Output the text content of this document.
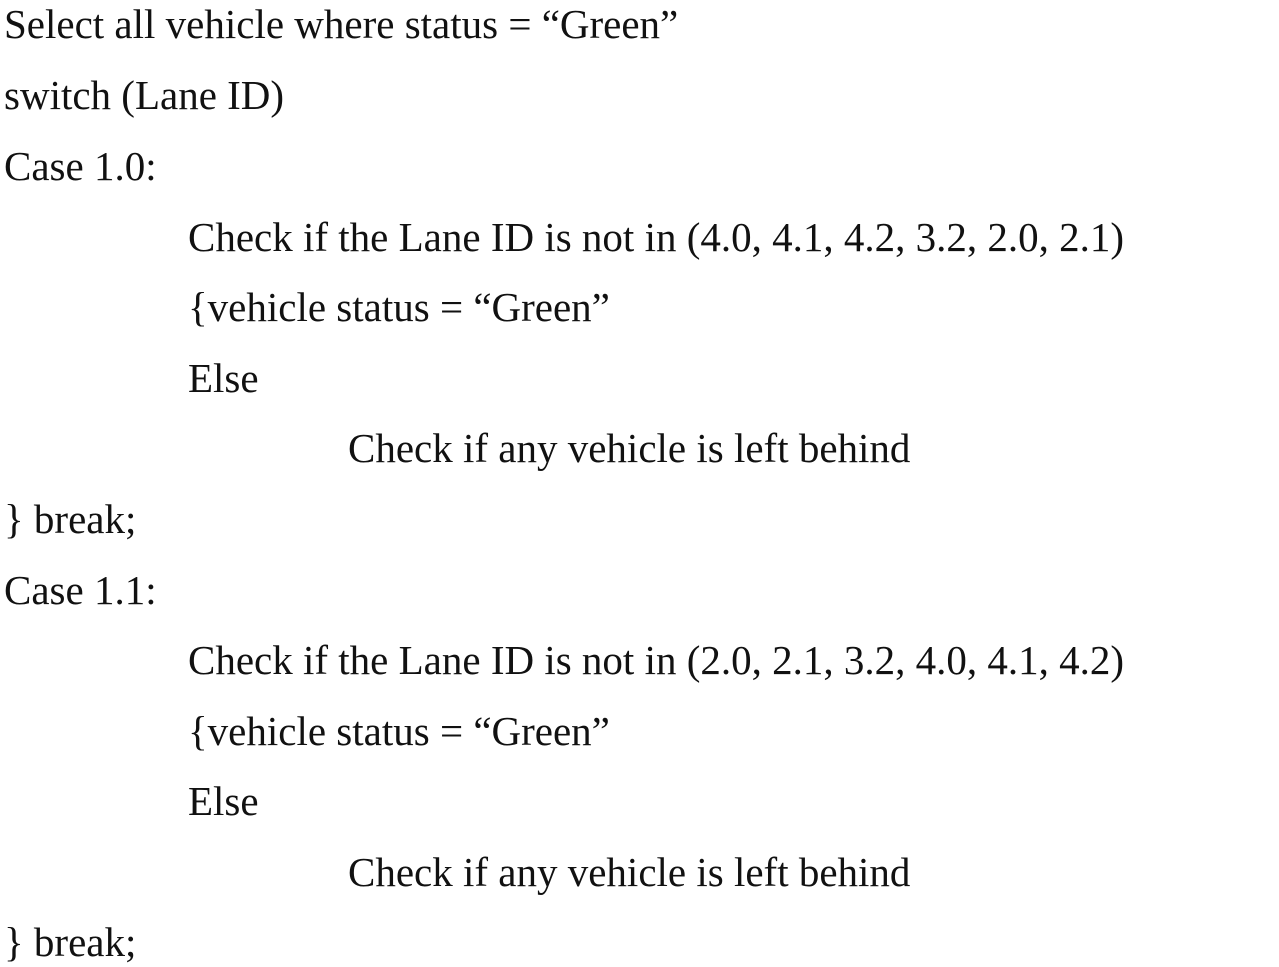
Select all vehicle where status = “Green”
switch (Lane ID)
Case 1.0:
Check if the Lane ID is not in (4.0, 4.1, 4.2, 3.2, 2.0, 2.1)
{vehicle status = “Green”
Else
Check if any vehicle is left behind
} break;
Case 1.1:
Check if the Lane ID is not in (2.0, 2.1, 3.2, 4.0, 4.1, 4.2)
{vehicle status = “Green”
Else
Check if any vehicle is left behind
} break;
